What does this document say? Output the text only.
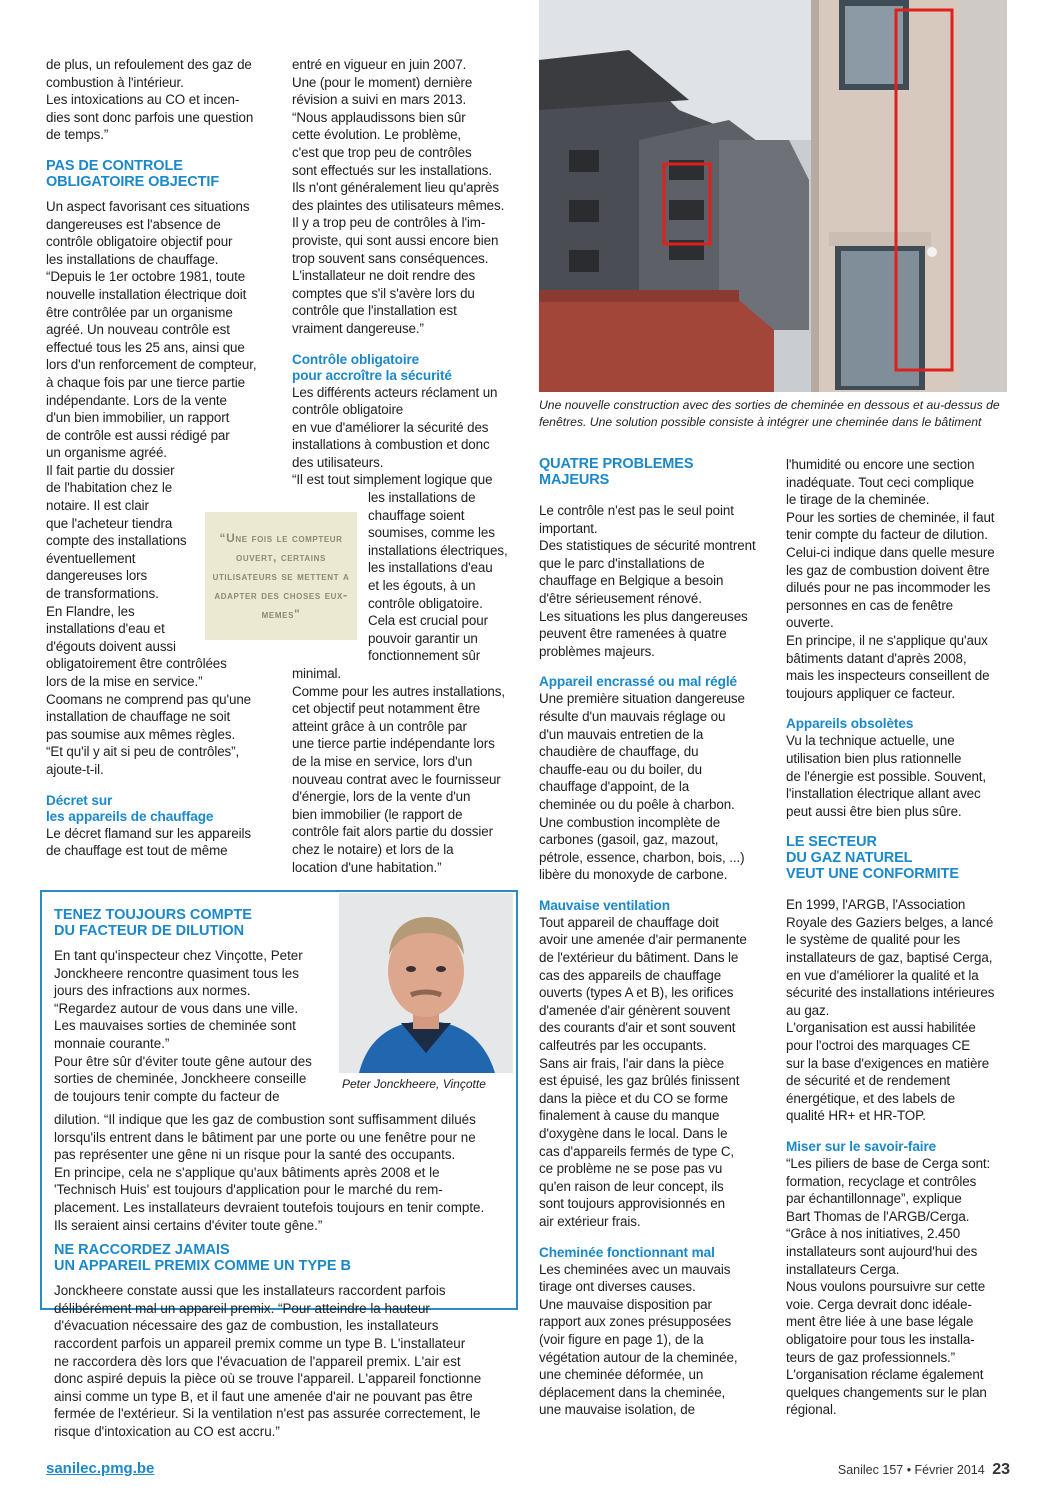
de plus, un refoulement des gaz de
combustion à l'intérieur.
Les intoxications au CO et incen-
dies sont donc parfois une question
de temps.”

PAS DE CONTROLE
OBLIGATOIRE OBJECTIF

Un aspect favorisant ces situations
dangereuses est l'absence de
contrôle obligatoire objectif pour
les installations de chauffage.
“Depuis le 1er octobre 1981, toute
nouvelle installation électrique doit
être contrôlée par un organisme
agréé. Un nouveau contrôle est
effectué tous les 25 ans, ainsi que
lors d'un renforcement de compteur,
à chaque fois par une tierce partie
indépendante. Lors de la vente
d'un bien immobilier, un rapport
de contrôle est aussi rédigé par
un organisme agréé.
Il fait partie du dossier
de l'habitation chez le
notaire. Il est clair
que l'acheteur tiendra
compte des installations
éventuellement
dangereuses lors
de transformations.
En Flandre, les
installations d'eau et
d'égouts doivent aussi
obligatoirement être contrôlées
lors de la mise en service.”
Coomans ne comprend pas qu'une
installation de chauffage ne soit
pas soumise aux mêmes règles.
“Et qu'il y ait si peu de contrôles”,
ajoute-t-il.

Décret sur
les appareils de chauffage

Le décret flamand sur les appareils
de chauffage est tout de même

entré en vigueur en juin 2007.
Une (pour le moment) dernière
révision a suivi en mars 2013.
“Nous applaudissons bien sûr
cette évolution. Le problème,
c'est que trop peu de contrôles
sont effectués sur les installations.
Ils n'ont généralement lieu qu'après
des plaintes des utilisateurs mêmes.
Il y a trop peu de contrôles à l'im-
proviste, qui sont aussi encore bien
trop souvent sans conséquences.
L'installateur ne doit rendre des
comptes que s'il s'avère lors du
contrôle que l'installation est
vraiment dangereuse.”

Contrôle obligatoire
pour accroître la sécurité

Les différents acteurs réclament un
contrôle obligatoire
en vue d'améliorer la sécurité des
installations à combustion et donc
des utilisateurs.
“Il est tout simplement logique que

les installations de
chauffage soient
soumises, comme les
installations électriques,
les installations d'eau
et les égouts, à un
contrôle obligatoire.
Cela est crucial pour
pouvoir garantir un
fonctionnement sûr

minimal.
Comme pour les autres installations,
cet objectif peut notamment être
atteint grâce à un contrôle par
une tierce partie indépendante lors
de la mise en service, lors d'un
nouveau contrat avec le fournisseur
d'énergie, lors de la vente d'un
bien immobilier (le rapport de
contrôle fait alors partie du dossier
chez le notaire) et lors de la
location d'une habitation.”

“Une fois le compteur ouvert, certains utilisateurs se mettent a adapter des choses eux-memes"
Une nouvelle construction avec des sorties de cheminée en dessous et au-dessus de
fenêtres. Une solution possible consiste à intégrer une cheminée dans le bâtiment

QUATRE PROBLEMES
MAJEURS

Le contrôle n'est pas le seul point
important.
Des statistiques de sécurité montrent
que le parc d'installations de
chauffage en Belgique a besoin
d'être sérieusement rénové.
Les situations les plus dangereuses
peuvent être ramenées à quatre
problèmes majeurs.

Appareil encrassé ou mal réglé

Une première situation dangereuse
résulte d'un mauvais réglage ou
d'un mauvais entretien de la
chaudière de chauffage, du
chauffe-eau ou du boiler, du
chauffage d'appoint, de la
cheminée ou du poêle à charbon.
Une combustion incomplète de
carbones (gasoil, gaz, mazout,
pétrole, essence, charbon, bois, ...)
libère du monoxyde de carbone.

Mauvaise ventilation

Tout appareil de chauffage doit
avoir une amenée d'air permanente
de l'extérieur du bâtiment. Dans le
cas des appareils de chauffage
ouverts (types A et B), les orifices
d'amenée d'air génèrent souvent
des courants d'air et sont souvent
calfeutrés par les occupants.
Sans air frais, l'air dans la pièce
est épuisé, les gaz brûlés finissent
dans la pièce et du CO se forme
finalement à cause du manque
d'oxygène dans le local. Dans le
cas d'appareils fermés de type C,
ce problème ne se pose pas vu
qu'en raison de leur concept, ils
sont toujours approvisionnés en
air extérieur frais.

Cheminée fonctionnant mal

Les cheminées avec un mauvais
tirage ont diverses causes.
Une mauvaise disposition par
rapport aux zones présupposées
(voir figure en page 1), de la
végétation autour de la cheminée,
une cheminée déformée, un
déplacement dans la cheminée,
une mauvaise isolation, de

l'humidité ou encore une section
inadéquate. Tout ceci complique
le tirage de la cheminée.
Pour les sorties de cheminée, il faut
tenir compte du facteur de dilution.
Celui-ci indique dans quelle mesure
les gaz de combustion doivent être
dilués pour ne pas incommoder les
personnes en cas de fenêtre
ouverte.
En principe, il ne s'applique qu'aux
bâtiments datant d'après 2008,
mais les inspecteurs conseillent de
toujours appliquer ce facteur.

Appareils obsolètes

Vu la technique actuelle, une
utilisation bien plus rationnelle
de l'énergie est possible. Souvent,
l'installation électrique allant avec
peut aussi être bien plus sûre.

LE SECTEUR
DU GAZ NATUREL
VEUT UNE CONFORMITE

En 1999, l'ARGB, l'Association
Royale des Gaziers belges, a lancé
le système de qualité pour les
installateurs de gaz, baptisé Cerga,
en vue d'améliorer la qualité et la
sécurité des installations intérieures
au gaz.
L'organisation est aussi habilitée
pour l'octroi des marquages CE
sur la base d'exigences en matière
de sécurité et de rendement
énergétique, et des labels de
qualité HR+ et HR-TOP.

Miser sur le savoir-faire

“Les piliers de base de Cerga sont:
formation, recyclage et contrôles
par échantillonnage”, explique
Bart Thomas de l'ARGB/Cerga.
“Grâce à nos initiatives, 2.450
installateurs sont aujourd'hui des
installateurs Cerga.
Nous voulons poursuivre sur cette
voie. Cerga devrait donc idéale-
ment être liée à une base légale
obligatoire pour tous les installa-
teurs de gaz professionnels.”
L'organisation réclame également
quelques changements sur le plan
régional.

TENEZ TOUJOURS COMPTE
DU FACTEUR DE DILUTION

En tant qu'inspecteur chez Vinçotte, Peter
Jonckheere rencontre quasiment tous les
jours des infractions aux normes.
“Regardez autour de vous dans une ville.
Les mauvaises sorties de cheminée sont
monnaie courante.”
Pour être sûr d'éviter toute gêne autour des
sorties de cheminée, Jonckheere conseille
de toujours tenir compte du facteur de

dilution. “Il indique que les gaz de combustion sont suffisamment dilués
lorsqu'ils entrent dans le bâtiment par une porte ou une fenêtre pour ne
pas représenter une gêne ni un risque pour la santé des occupants.
En principe, cela ne s'applique qu'aux bâtiments après 2008 et le
'Technisch Huis' est toujours d'application pour le marché du rem-
placement. Les installateurs devraient toutefois toujours en tenir compte.
Ils seraient ainsi certains d'éviter toute gêne.”

NE RACCORDEZ JAMAIS
UN APPAREIL PREMIX COMME UN TYPE B

Jonckheere constate aussi que les installateurs raccordent parfois
délibérément mal un appareil premix. “Pour atteindre la hauteur
d'évacuation nécessaire des gaz de combustion, les installateurs
raccordent parfois un appareil premix comme un type B. L'installateur
ne raccordera dès lors que l'évacuation de l'appareil premix. L'air est
donc aspiré depuis la pièce où se trouve l'appareil. L'appareil fonctionne
ainsi comme un type B, et il faut une amenée d'air ne pouvant pas être
fermée de l'extérieur. Si la ventilation n'est pas assurée correctement, le
risque d'intoxication au CO est accru.”

Peter Jonckheere, Vinçotte
sanilec.pmg.be	Sanilec 157 • Février 2014 23
